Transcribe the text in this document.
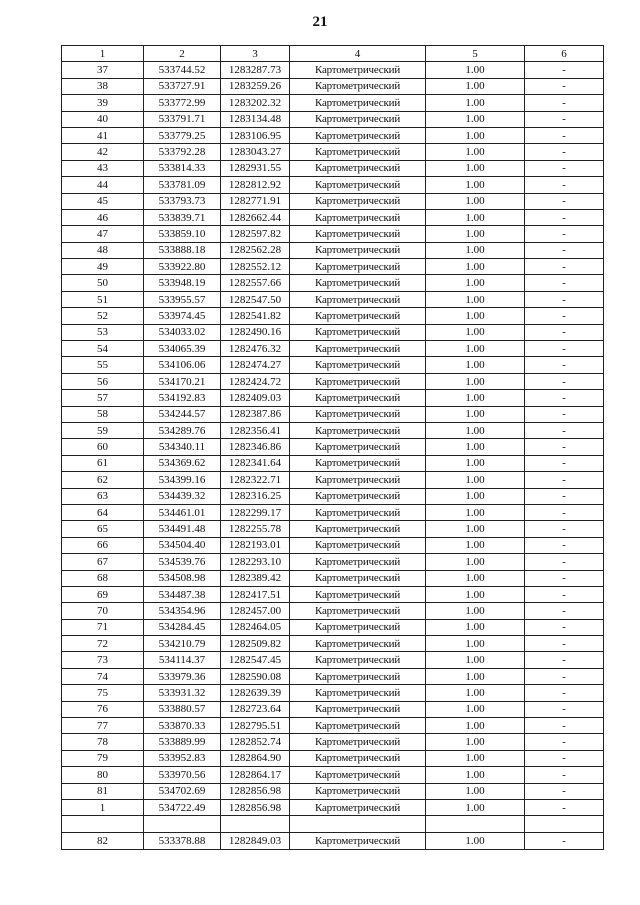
21
1	2	3	4	5	6
37	533744.52	1283287.73	Картометрический	1.00	-
38	533727.91	1283259.26	Картометрический	1.00	-
39	533772.99	1283202.32	Картометрический	1.00	-
40	533791.71	1283134.48	Картометрический	1.00	-
41	533779.25	1283106.95	Картометрический	1.00	-
42	533792.28	1283043.27	Картометрический	1.00	-
43	533814.33	1282931.55	Картометрический	1.00	-
44	533781.09	1282812.92	Картометрический	1.00	-
45	533793.73	1282771.91	Картометрический	1.00	-
46	533839.71	1282662.44	Картометрический	1.00	-
47	533859.10	1282597.82	Картометрический	1.00	-
48	533888.18	1282562.28	Картометрический	1.00	-
49	533922.80	1282552.12	Картометрический	1.00	-
50	533948.19	1282557.66	Картометрический	1.00	-
51	533955.57	1282547.50	Картометрический	1.00	-
52	533974.45	1282541.82	Картометрический	1.00	-
53	534033.02	1282490.16	Картометрический	1.00	-
54	534065.39	1282476.32	Картометрический	1.00	-
55	534106.06	1282474.27	Картометрический	1.00	-
56	534170.21	1282424.72	Картометрический	1.00	-
57	534192.83	1282409.03	Картометрический	1.00	-
58	534244.57	1282387.86	Картометрический	1.00	-
59	534289.76	1282356.41	Картометрический	1.00	-
60	534340.11	1282346.86	Картометрический	1.00	-
61	534369.62	1282341.64	Картометрический	1.00	-
62	534399.16	1282322.71	Картометрический	1.00	-
63	534439.32	1282316.25	Картометрический	1.00	-
64	534461.01	1282299.17	Картометрический	1.00	-
65	534491.48	1282255.78	Картометрический	1.00	-
66	534504.40	1282193.01	Картометрический	1.00	-
67	534539.76	1282293.10	Картометрический	1.00	-
68	534508.98	1282389.42	Картометрический	1.00	-
69	534487.38	1282417.51	Картометрический	1.00	-
70	534354.96	1282457.00	Картометрический	1.00	-
71	534284.45	1282464.05	Картометрический	1.00	-
72	534210.79	1282509.82	Картометрический	1.00	-
73	534114.37	1282547.45	Картометрический	1.00	-
74	533979.36	1282590.08	Картометрический	1.00	-
75	533931.32	1282639.39	Картометрический	1.00	-
76	533880.57	1282723.64	Картометрический	1.00	-
77	533870.33	1282795.51	Картометрический	1.00	-
78	533889.99	1282852.74	Картометрический	1.00	-
79	533952.83	1282864.90	Картометрический	1.00	-
80	533970.56	1282864.17	Картометрический	1.00	-
81	534702.69	1282856.98	Картометрический	1.00	-
1	534722.49	1282856.98	Картометрический	1.00	-

82	533378.88	1282849.03	Картометрический	1.00	-
